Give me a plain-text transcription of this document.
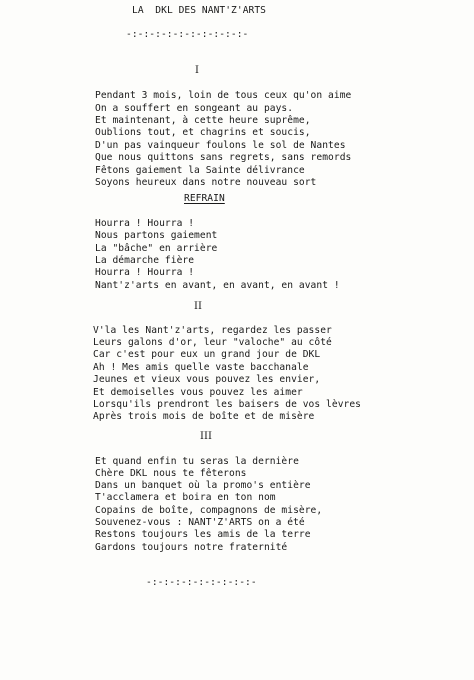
LA  DKL DES NANT'Z'ARTS
-:-:-:-:-:-:-:-:-:-:-
I
Pendant 3 mois, loin de tous ceux qu'on aime
On a souffert en songeant au pays.
Et maintenant, à cette heure suprême,
Oublions tout, et chagrins et soucis,
D'un pas vainqueur foulons le sol de Nantes
Que nous quittons sans regrets, sans remords
Fêtons gaiement la Sainte délivrance
Soyons heureux dans notre nouveau sort
REFRAIN
Hourra ! Hourra !
Nous partons gaiement
La "bâche" en arrière
La démarche fière
Hourra ! Hourra !
Nant'z'arts en avant, en avant, en avant !
II
V'la les Nant'z'arts, regardez les passer
Leurs galons d'or, leur "valoche" au côté
Car c'est pour eux un grand jour de DKL
Ah ! Mes amis quelle vaste bacchanale
Jeunes et vieux vous pouvez les envier,
Et demoiselles vous pouvez les aimer
Lorsqu'ils prendront les baisers de vos lèvres
Après trois mois de boîte et de misère
III
Et quand enfin tu seras la dernière
Chère DKL nous te fêterons
Dans un banquet où la promo's entière
T'acclamera et boira en ton nom
Copains de boîte, compagnons de misère,
Souvenez-vous : NANT'Z'ARTS on a été
Restons toujours les amis de la terre
Gardons toujours notre fraternité
-:-:-:-:-:-:-:-:-:-
